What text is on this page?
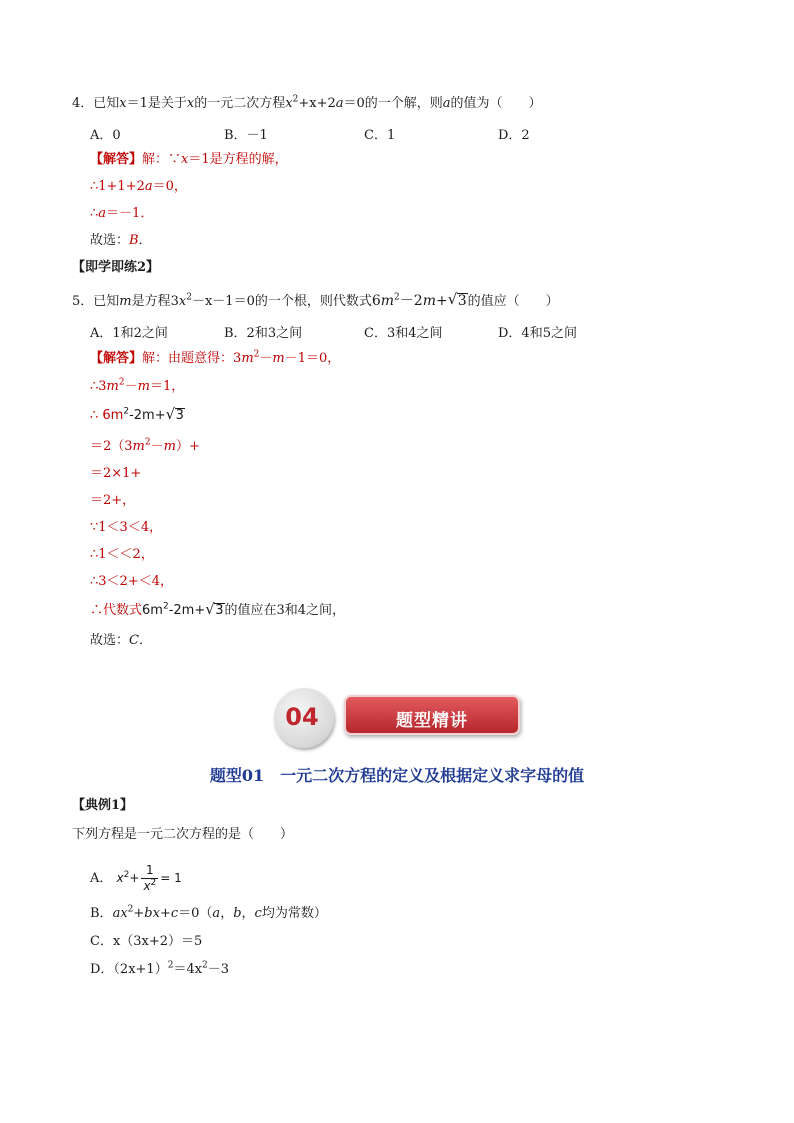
4．已知x＝1是关于x的一元二次方程$x^2+x+2a=0$的一个解，则a的值为（　　）
A．0	B．－1	C．1	D．2
【解答】解：∵x＝1是方程的解，
∴1+1+2a＝0，
∴a＝－1．
故选：B．
【即学即练2】
5．已知m是方程$3x^2-x-1=0$的一个根，则代数式$6m^2-2m+$ √ 3的值应（　　）
A．1和2之间	B．2和3之间	C．3和4之间	D．4和5之间
【解答】解：由题意得：$3m^2-m-1=0$，
$\therefore 3m^2-m=1$，
∴ $6m^2-2m+$ √ 3
$=2(3m^2-m)+$
＝2×1+
＝2+，
∵1＜3＜4，
∴1＜＜2，
∴3＜2+＜4，
∴代数式$6m^2-2m+$ √ 3的值应在3和4之间，
故选：C．
04	题型精讲
题型01　一元二次方程的定义及根据定义求字母的值
【典例1】
下列方程是一元二次方程的是（　　）
A． $x^2+ \frac{1}{x^2} = 1$
B．$ax^2+bx+c=0(a$，b，c均为常数）
C．x（3x+2）＝5
D．$(2x+1)^2=4x^2-3$
